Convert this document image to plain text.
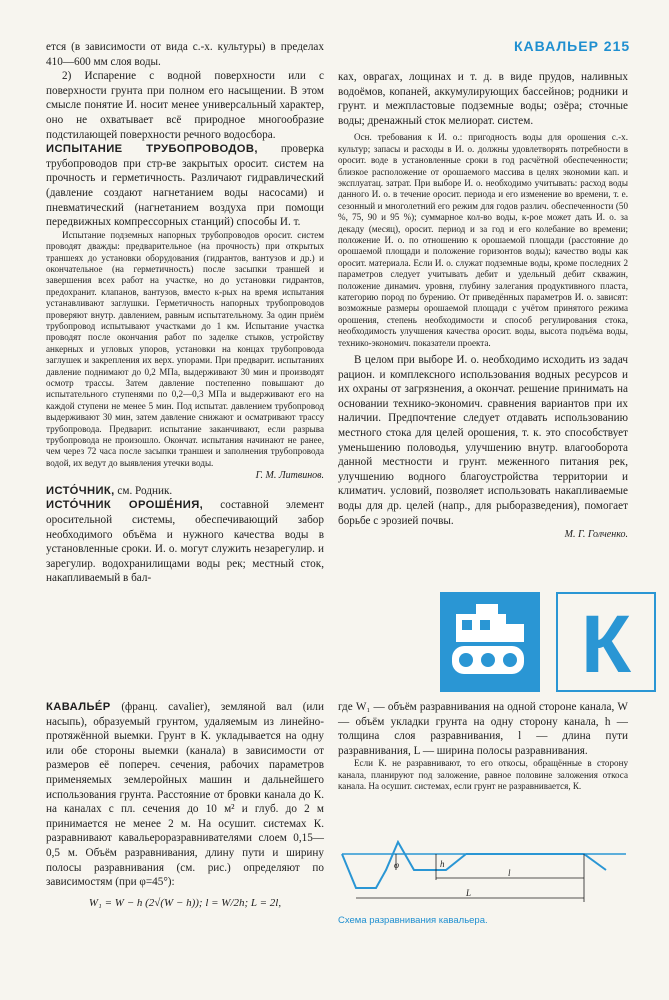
КАВАЛЬЕР 215

ется (в зависимости от вида с.-х. культуры) в пределах 410—600 мм слоя воды.

2) Испарение с водной поверхности или с поверхности грунта при полном его насыщении. В этом смысле понятие И. носит менее универсальный характер, оно не охватывает всё природное многообразие подстилающей поверхности речного водосбора.

ИСПЫТАНИЕ ТРУБОПРОВОДОВ, проверка трубопроводов при стр-ве закрытых ороcит. систем на прочность и герметичность. Различают гидравлический (давление создают нагнетанием воды насосами) и пневматический (нагнетанием воздуха при помощи передвижных компрессорных станций) способы И. т.

Испытание подземных напорных трубопроводов оросит. систем проводят дважды: предварительное (на прочность) при открытых траншеях до установки оборудования (гидрантов, вантузов и др.) и окончательное (на герметичность) после засыпки траншей и завершения всех работ на участке, но до установки гидрантов, предохранит. клапанов, вантузов, вместо к-рых на время испытания устанавливают заглушки. Герметичность напорных трубопроводов проверяют внутр. давлением, равным испытательному. За один приём трубопровод испытывают участками до 1 км. Испытание участка проводят после окончания работ по заделке стыков, устройству анкерных и угловых упоров, установки на концах трубопровода заглушек и закрепления их верх. упорами. При предварит. испытаниях давление поднимают до 0,2 МПа, выдерживают 30 мин и производят осмотр трассы. Затем давление постепенно повышают до испытательного ступенями по 0,2—0,3 МПа и выдерживают его на каждой ступени не менее 5 мин. Под испытат. давлением трубопровод выдерживают 30 мин, затем давление снижают и осматривают трассу трубопровода. Предварит. испытание заканчивают, если разрыва трубопровода не произошло. Окончат. испытания начинают не ранее, чем через 72 часа после засыпки траншеи и заполнения трубопровода водой, их ведут до выявления утечки воды.

Г. М. Литвинов.

ИСТО́ЧНИК, см. Родник.

ИСТО́ЧНИК ОРОШЕ́НИЯ, составной элемент оросительной системы, обеспечивающий забор необходимого объёма и нужного качества воды в установленные сроки. И. о. могут служить незарегулир. и зарегулир. водохранилищами воды рек; местный сток, накапливаемый в бал-

ках, оврагах, лощинах и т. д. в виде прудов, наливных водоёмов, копаней, аккумулирующих бассейнов; родники и грунт. и межпластовые подземные воды; озёра; сточные воды; дренажный сток мелиорат. систем.

Осн. требования к И. о.: пригодность воды для орошения с.-х. культур; запасы и расходы в И. о. должны удовлетворять потребности в ороcит. воде в установленные сроки в год расчётной обеспеченности; близкое расположение от орошаемого массива в целях экономии кап. и эксплуатац. затрат. При выборе И. о. необходимо учитывать: расход воды данного И. о. в течение оросит. периода и его изменение во времени, т. е. сезонный и многолетний его режим для годов различ. обеспеченности (50 %, 75, 90 и 95 %); суммарное кол-во воды, к-рое может дать И. о. за декаду (месяц), оросит. период и за год и его колебание во времени; положение И. о. по отношению к орошаемой площади (расстояние до орошаемой площади и положение горизонтов воды); качество воды как оросит. материала. Если И. о. служат подземные воды, кроме последних 2 параметров следует учитывать дебит и удельный дебит скважин, положение динамич. уровня, глубину залегания продуктивного пласта, категорию пород по бурению. От приведённых параметров И. о. зависят: возможные размеры орошаемой площади с учётом принятого режима орошения, степень необходимости и способ регулирования стока, необходимость улучшения качества оросит. воды, высота подъёма воды, технико-экономич. показатели проекта.

В целом при выборе И. о. необходимо исходить из задач рацион. и комплексного использования водных ресурсов и их охраны от загрязнения, а окончат. решение принимать на основании технико-экономич. сравнения вариантов при их наличии. Предпочтение следует отдавать использованию местного стока для целей орошения, т. к. это способствует уменьшению половодья, улучшению внутр. влагооборота данной местности и грунт. меженного питания рек, улучшению водного благоустройства территории и климатич. условий, позволяет использовать накапливаемые воды для др. целей (напр., для рыборазведения), помогает борьбе с эрозией почвы.

М. Г. Голченко.

К

КАВАЛЬЕ́Р (франц. cavalier), земляной вал (или насыпь), образуемый грунтом, удаляемым из линейно-протяжённой выемки. Грунт в К. укладывается на одну или обе стороны выемки (канала) в зависимости от размеров её попереч. сечения, рабочих параметров применяемых землеройных машин и дальнейшего использования грунта. Расстояние от бровки канала до К. на каналах с пл. сечения до 10 м² и глуб. до 2 м принимается не менее 2 м. На осушит. системах К. разравнивают кавальероразравнивателями слоем 0,15—0,5 м. Объём разравнивания, длину пути и ширину полосы разравнивания (см. рис.) определяют по зависимостям (при φ=45°):

W₁ = W − h (2√(W − h)); l = W/2h; L = 2l,

где W₁ — объём разравнивания на одной стороне канала, W — объём укладки грунта на одну сторону канала, h — толщина слоя разравнивания, l — длина пути разравнивания, L — ширина полосы разравнивания.

Если К. не разравнивают, то его откосы, обращённые в сторону канала, планируют под заложение, равное половине заложения откоса канала. На осушит. системах, если грунт не разравнивается, К.

φ	h
l
L
Схема разравнивания кавальера.
